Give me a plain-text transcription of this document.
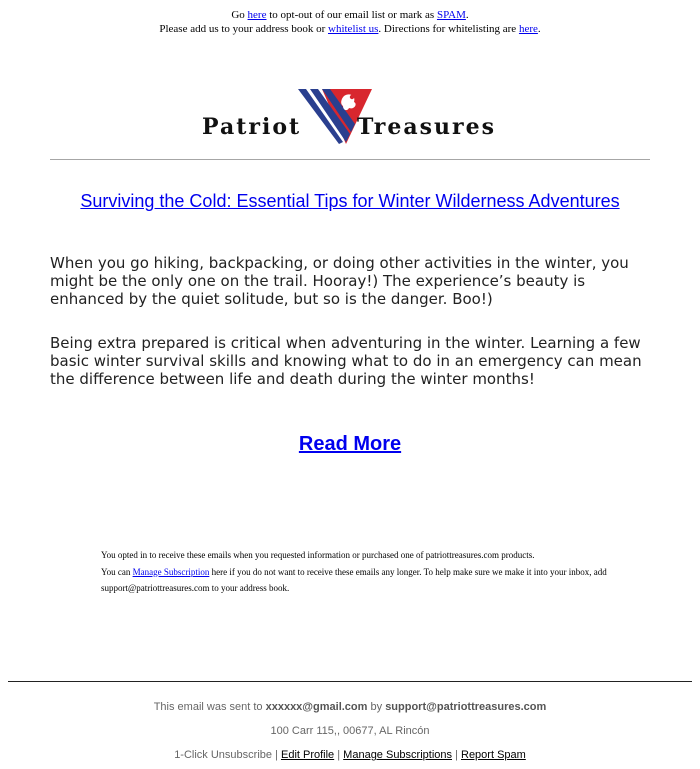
Go here to opt-out of our email list or mark as SPAM.
Please add us to your address book or whitelist us. Directions for whitelisting are here.
Patriot	Treasures
Surviving the Cold: Essential Tips for Winter Wilderness Adventures

When you go hiking, backpacking, or doing other activities in the winter, you might be the only one on the trail. Hooray!) The experience’s beauty is enhanced by the quiet solitude, but so is the danger. Boo!)

Being extra prepared is critical when adventuring in the winter. Learning a few basic winter survival skills and knowing what to do in an emergency can mean the difference between life and death during the winter months!

Read More
You opted in to receive these emails when you requested information or purchased one of patriottreasures.com products.
You can Manage Subscription here if you do not want to receive these emails any longer. To help make sure we make it into your inbox, add support@patriottreasures.com to your address book.
This email was sent to xxxxxx@gmail.com by support@patriottreasures.com
100 Carr 115,, 00677, AL Rincón
1-Click Unsubscribe | Edit Profile | Manage Subscriptions | Report Spam
